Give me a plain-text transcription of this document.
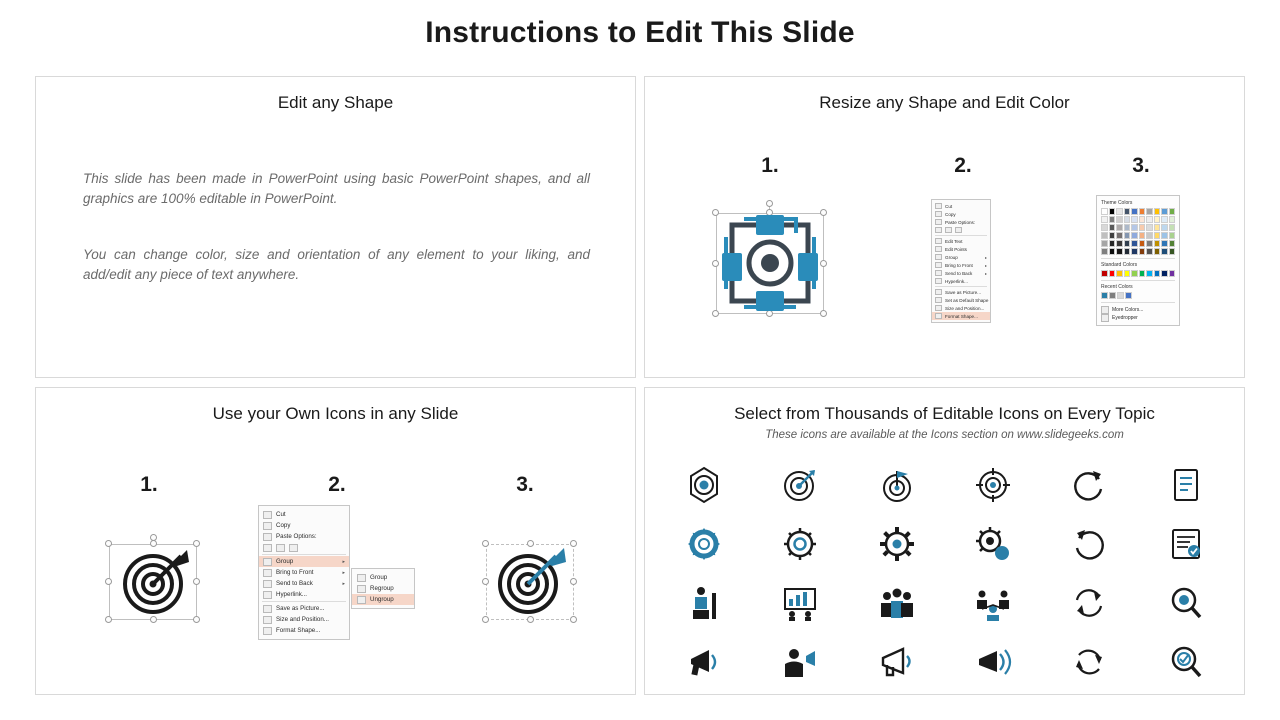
Instructions to Edit This Slide
Edit any Shape
This slide has been made in PowerPoint using basic PowerPoint shapes, and all graphics are 100% editable in PowerPoint.
You can change color, size and orientation of any element to your liking, and add/edit any piece of text anywhere.
Resize any Shape and Edit Color
1.	2.	3.
Cut
Copy
Paste Options:
Edit Text
Edit Points
Group	▸
Bring to Front	▸
Send to Back	▸
Hyperlink...
Save as Picture...
Set as Default Shape
Size and Position...
Format Shape...
Theme Colors
Standard Colors
Recent Colors
More Colors...
Eyedropper
Use your Own Icons in any Slide
1.	2.	3.
Cut
Copy
Paste Options:
Group	▸
Bring to Front	▸
Send to Back	▸
Hyperlink...
Save as Picture...
Size and Position...
Format Shape...
Group
Regroup
Ungroup
Select from Thousands of Editable Icons on Every Topic
These icons are available at the Icons section on www.slidegeeks.com
